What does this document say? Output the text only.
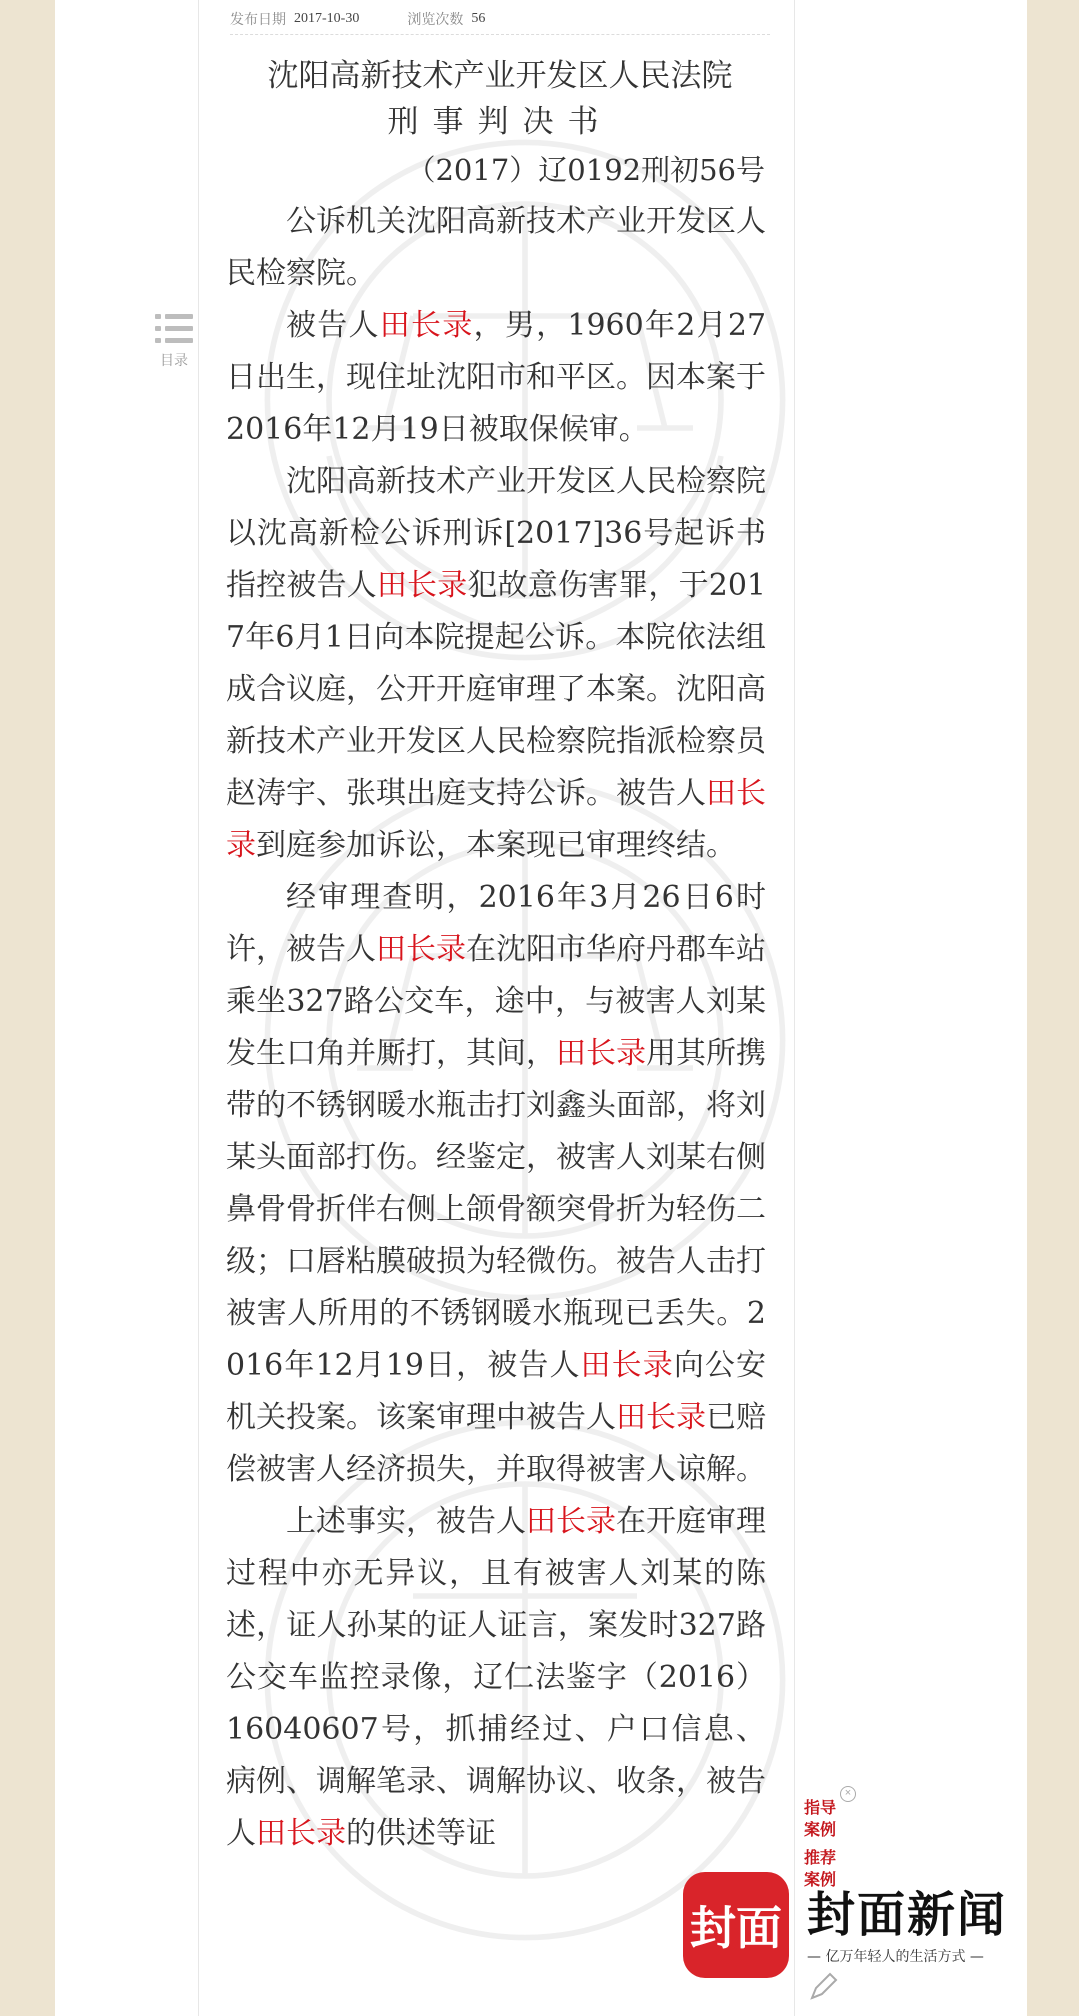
发布日期 2017-10-30	浏览次数 56
目录
沈阳高新技术产业开发区人民法院
刑事判决书
（2017）辽0192刑初56号

公诉机关沈阳高新技术产业开发区人民检察院。

被告人田长录，男，1960年2月27日出生，现住址沈阳市和平区。因本案于2016年12月19日被取保候审。

沈阳高新技术产业开发区人民检察院以沈高新检公诉刑诉[2017]36号起诉书指控被告人田长录犯故意伤害罪，于2017年6月1日向本院提起公诉。本院依法组成合议庭，公开开庭审理了本案。沈阳高新技术产业开发区人民检察院指派检察员赵涛宇、张琪出庭支持公诉。被告人田长录到庭参加诉讼，本案现已审理终结。

经审理查明，2016年3月26日6时许，被告人田长录在沈阳市华府丹郡车站乘坐327路公交车，途中，与被害人刘某发生口角并厮打，其间，田长录用其所携带的不锈钢暖水瓶击打刘鑫头面部，将刘某头面部打伤。经鉴定，被害人刘某右侧鼻骨骨折伴右侧上颌骨额突骨折为轻伤二级；口唇粘膜破损为轻微伤。被告人击打被害人所用的不锈钢暖水瓶现已丢失。2016年12月19日，被告人田长录向公安机关投案。该案审理中被告人田长录已赔偿被害人经济损失，并取得被害人谅解。

上述事实，被告人田长录在开庭审理过程中亦无异议，且有被害人刘某的陈述，证人孙某的证人证言，案发时327路公交车监控录像，辽仁法鉴字（2016）16040607号，抓捕经过、户口信息、病例、调解笔录、调解协议、收条，被告人田长录的供述等证

×
指导
案例
推荐
案例
封面 封面新闻
— 亿万年轻人的生活方式 —
